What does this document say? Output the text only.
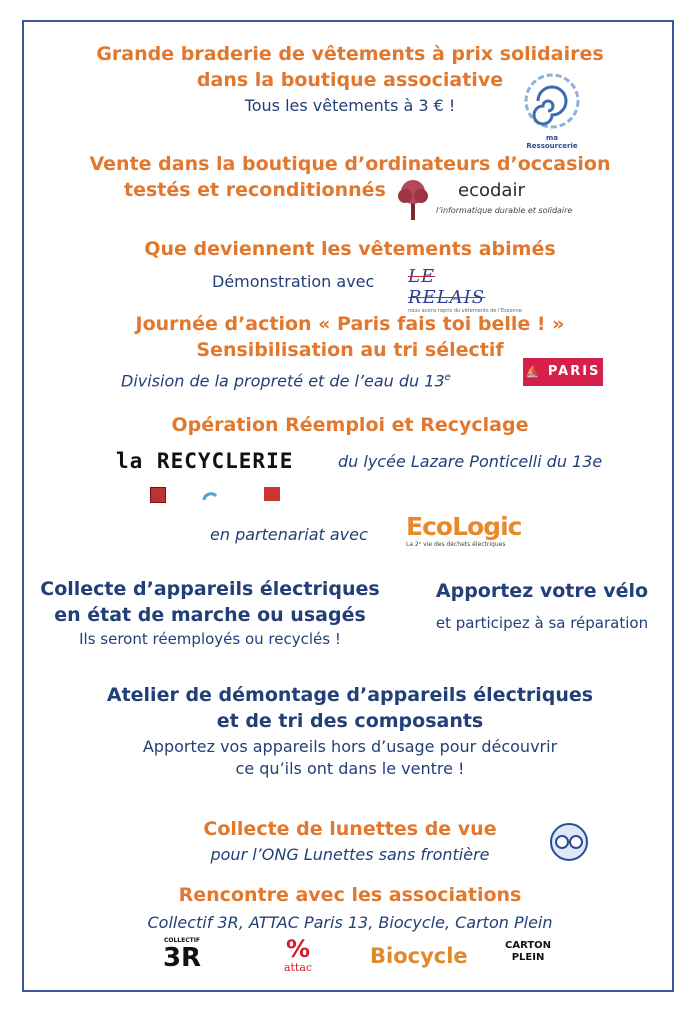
Grande braderie de vêtements à prix solidaires
dans la boutique associative
Tous les vêtements à 3 € !
ma Ressourcerie
Vente dans la boutique d’ordinateurs d’occasion
testés et reconditionnés	ecodair
l’informatique durable et solidaire
Que deviennent les vêtements abimés
Démonstration avec LE RELAIS
nous avons repris du vêtements de l’Essonne
Journée d’action « Paris fais toi belle ! »
Sensibilisation au tri sélectif
Division de la propreté et de l’eau du 13e	⛵ PARIS
Opération Réemploi et Recyclage
la RECYCLERIE	du lycée Lazare Ponticelli du 13e
en partenariat avec EcoLogic
La 2ᵉ vie des déchets électriques
Collecte d’appareils électriques
en état de marche ou usagés
Ils seront réemployés ou recyclés !
Apportez votre vélo
et participez à sa réparation
Atelier de démontage d’appareils électriques
et de tri des composants
Apportez vos appareils hors d’usage pour découvrir
ce qu’ils ont dans le ventre !
Collecte de lunettes de vue
pour l’ONG Lunettes sans frontière
Rencontre avec les associations
Collectif 3R, ATTAC Paris 13, Biocycle, Carton Plein
COLLECTIF
3R	%
attac	Biocycle	CARTON
PLEIN
